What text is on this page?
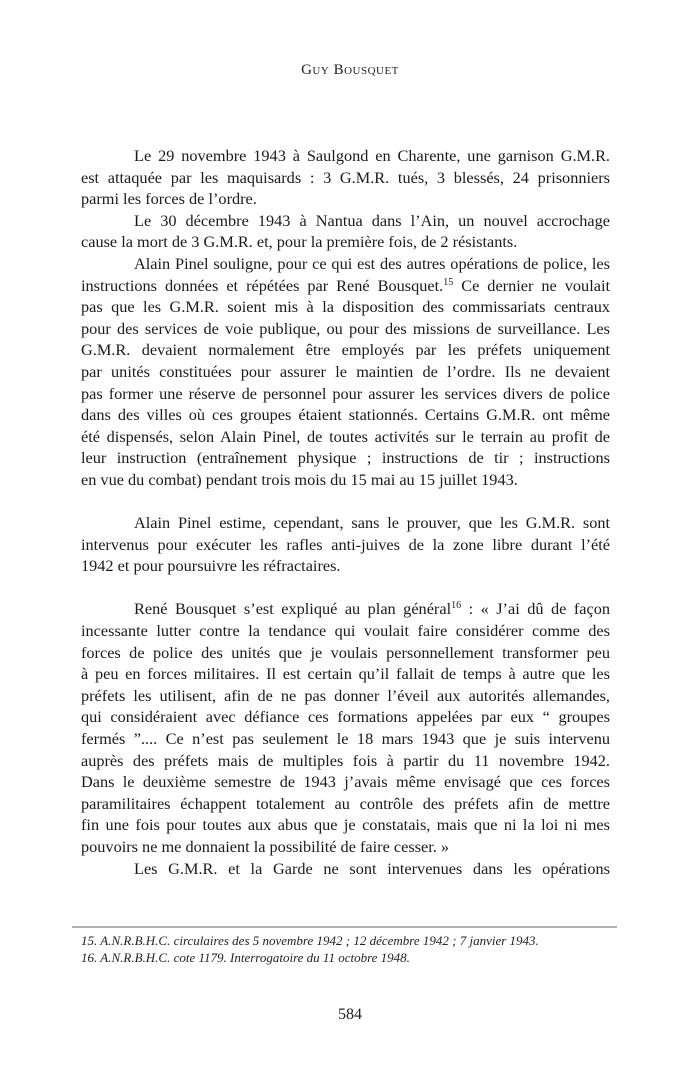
Guy Bousquet
Le 29 novembre 1943 à Saulgond en Charente, une garnison G.M.R.
est attaquée par les maquisards : 3 G.M.R. tués, 3 blessés, 24 prisonniers
parmi les forces de l’ordre.
Le 30 décembre 1943 à Nantua dans l’Ain, un nouvel accrochage
cause la mort de 3 G.M.R. et, pour la première fois, de 2 résistants.
Alain Pinel souligne, pour ce qui est des autres opérations de police, les
instructions données et répétées par René Bousquet.$^{15}$ Ce dernier ne voulait
pas que les G.M.R. soient mis à la disposition des commissariats centraux
pour des services de voie publique, ou pour des missions de surveillance. Les
G.M.R. devaient normalement être employés par les préfets uniquement
par unités constituées pour assurer le maintien de l’ordre. Ils ne devaient
pas former une réserve de personnel pour assurer les services divers de police
dans des villes où ces groupes étaient stationnés. Certains G.M.R. ont même
été dispensés, selon Alain Pinel, de toutes activités sur le terrain au profit de
leur instruction (entraînement physique ; instructions de tir ; instructions
en vue du combat) pendant trois mois du 15 mai au 15 juillet 1943.
Alain Pinel estime, cependant, sans le prouver, que les G.M.R. sont
intervenus pour exécuter les rafles anti-juives de la zone libre durant l’été
1942 et pour poursuivre les réfractaires.
René Bousquet s’est expliqué au plan général$^{16}$ : « J’ai dû de façon
incessante lutter contre la tendance qui voulait faire considérer comme des
forces de police des unités que je voulais personnellement transformer peu
à peu en forces militaires. Il est certain qu’il fallait de temps à autre que les
préfets les utilisent, afin de ne pas donner l’éveil aux autorités allemandes,
qui considéraient avec défiance ces formations appelées par eux “ groupes
fermés ”.... Ce n’est pas seulement le 18 mars 1943 que je suis intervenu
auprès des préfets mais de multiples fois à partir du 11 novembre 1942.
Dans le deuxième semestre de 1943 j’avais même envisagé que ces forces
paramilitaires échappent totalement au contrôle des préfets afin de mettre
fin une fois pour toutes aux abus que je constatais, mais que ni la loi ni mes
pouvoirs ne me donnaient la possibilité de faire cesser. »
Les G.M.R. et la Garde ne sont intervenues dans les opérations
15. A.N.R.B.H.C. circulaires des 5 novembre 1942 ; 12 décembre 1942 ; 7 janvier 1943.
16. A.N.R.B.H.C. cote 1179. Interrogatoire du 11 octobre 1948.
584
